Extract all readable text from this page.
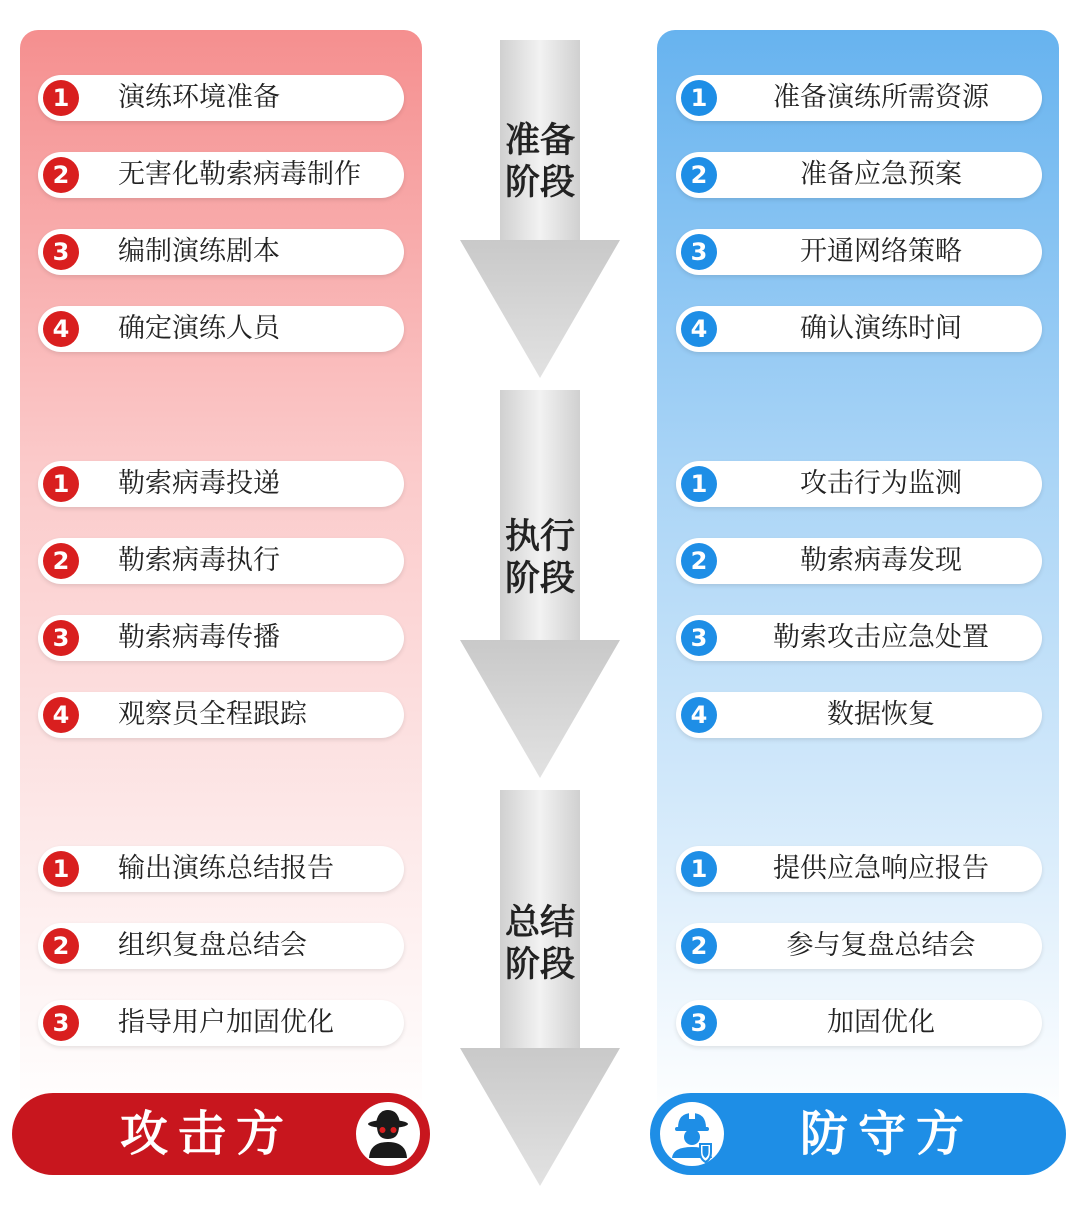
准备
阶段
执行
阶段
总结
阶段
1	演练环境准备
2	无害化勒索病毒制作
3	编制演练剧本
4	确定演练人员
1	勒索病毒投递
2	勒索病毒执行
3	勒索病毒传播
4	观察员全程跟踪
1	输出演练总结报告
2	组织复盘总结会
3	指导用户加固优化
1	准备演练所需资源
2	准备应急预案
3	开通网络策略
4	确认演练时间
1	攻击行为监测
2	勒索病毒发现
3	勒索攻击应急处置
4	数据恢复
1	提供应急响应报告
2	参与复盘总结会
3	加固优化
攻击方	防守方
